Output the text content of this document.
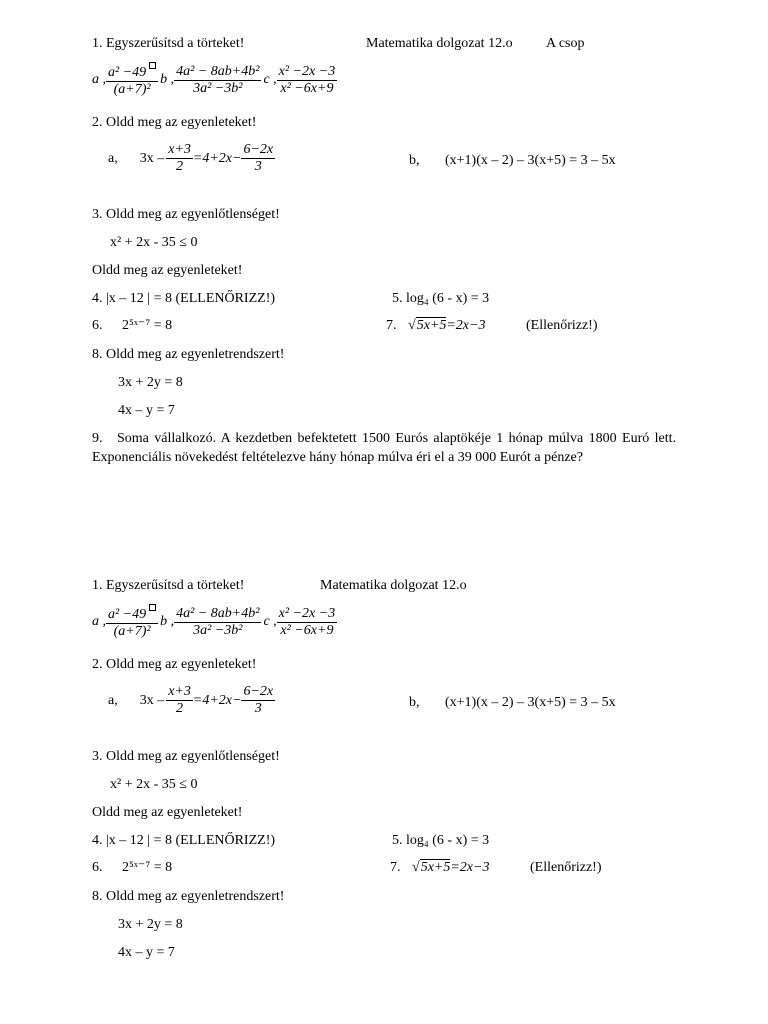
1. Egyszerűsítsd a törteket!	Matematika dolgozat 12.o A csop
a , $\frac{\text{a² −49}}{\text{(a+7)²}}$ b , $\frac{\text{4a² − 8ab+4b²}}{\text{3a² −3b²}}$ c , $\frac{\text{x² −2x −3}}{\text{x² −6x+9}}$
2. Oldd meg az egyenleteket!
a, $3x - \frac{x+3}{2} =4+2x- \frac{6-2x}{3}$	b, (x+1)(x – 2) – 3(x+5) = 3 – 5x
3. Oldd meg az egyenlőtlenséget!
x² + 2x - 35 ≤ 0
Oldd meg az egyenleteket!
4. |x – 12 | = 8 (ELLENŐRIZZ!)	5. log₄ (6 - x) = 3
6. 2⁵ˣ⁻⁷ = 8	7. √5x+5=2x−3	(Ellenőrizz!)
8. Oldd meg az egyenletrendszert!
3x + 2y = 8
4x – y = 7
9. Soma vállalkozó. A kezdetben befektetett 1500 Eurós alaptökéje 1 hónap múlva 1800 Euró lett. Exponenciális növekedést feltételezve hány hónap múlva éri el a 39 000 Eurót a pénze?
1. Egyszerűsítsd a törteket!	Matematika dolgozat 12.o
a , $\frac{\text{a² −49}}{\text{(a+7)²}}$ b , $\frac{\text{4a² − 8ab+4b²}}{\text{3a² −3b²}}$ c , $\frac{\text{x² −2x −3}}{\text{x² −6x+9}}$
2. Oldd meg az egyenleteket!
a, $3x - \frac{x+3}{2} =4+2x- \frac{6-2x}{3}$	b, (x+1)(x – 2) – 3(x+5) = 3 – 5x
3. Oldd meg az egyenlőtlenséget!
x² + 2x - 35 ≤ 0
Oldd meg az egyenleteket!
4. |x – 12 | = 8 (ELLENŐRIZZ!)	5. log₄ (6 - x) = 3
6. 2⁵ˣ⁻⁷ = 8	7. √5x+5=2x−3	(Ellenőrizz!)
8. Oldd meg az egyenletrendszert!
3x + 2y = 8
4x – y = 7
